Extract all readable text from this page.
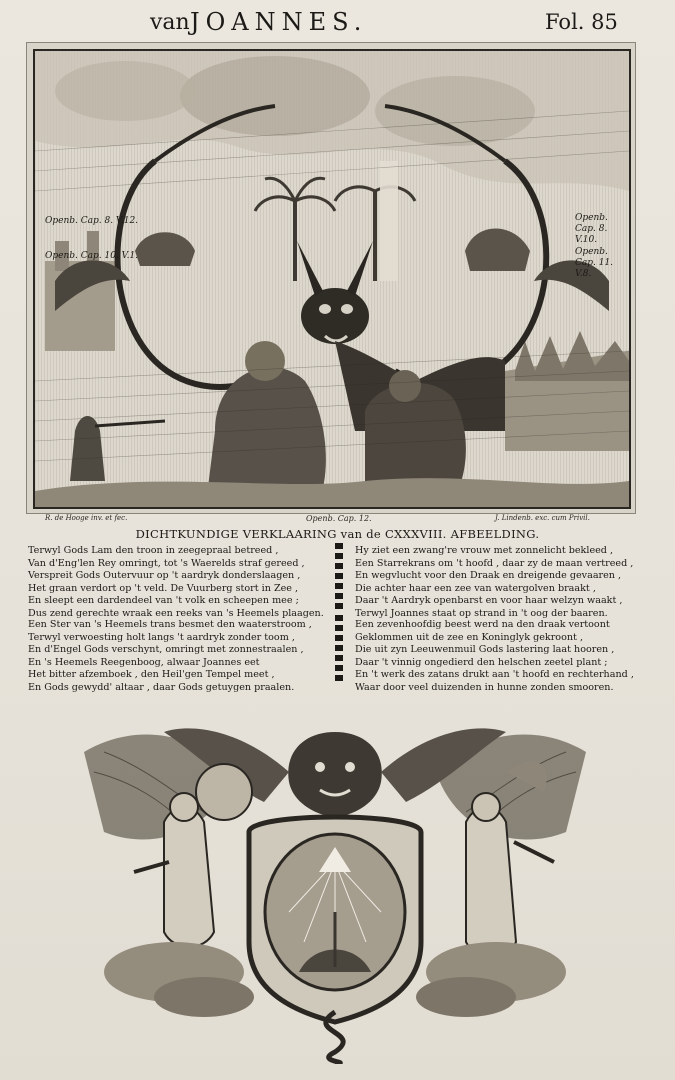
van JOANNES.	Fol. 85
Openb. Cap. 8. V.12.
Openb. Cap. 10. V.1.
Openb. Cap. 8. V.10.
Openb. Cap. 11. V.8.
R. de Hooge inv. et fec.	Openb. Cap. 12.	J. Lindenb. exc. cum Privil.
DICHTKUNDIGE VERKLAARING van de CXXXVIII. AFBEELDING.
Terwyl Gods Lam den troon in zeegepraal betreed ,
Van d'Eng'len Rey omringt, tot 's Waerelds straf gereed ,
Verspreit Gods Outervuur op 't aardryk donderslaagen ,
Het graan verdort op 't veld. De Vuurberg stort in Zee ,
En sleept een dardendeel van 't volk en scheepen mee ;
Dus zend gerechte wraak een reeks van 's Heemels plaagen.
Een Ster van 's Heemels trans besmet den waaterstroom ,
Terwyl verwoesting holt langs 't aardryk zonder toom ,
En d'Engel Gods verschynt, omringt met zonnestraalen ,
En 's Heemels Reegenboog, alwaar Joannes eet
Het bitter afzemboek , den Heil'gen Tempel meet ,
En Gods gewydd' altaar , daar Gods getuygen praalen.
Hy ziet een zwang're vrouw met zonnelicht bekleed ,
Een Starrekrans om 't hoofd , daar zy de maan vertreed ,
En wegvlucht voor den Draak en dreigende gevaaren ,
Die achter haar een zee van watergolven braakt ,
Daar 't Aardryk openbarst en voor haar welzyn waakt ,
Terwyl Joannes staat op strand in 't oog der baaren.
Een zevenhoofdig beest werd na den draak vertoont
Geklommen uit de zee en Koninglyk gekroont ,
Die uit zyn Leeuwenmuil Gods lastering laat hooren ,
Daar 't vinnig ongedierd den helschen zeetel plant ;
En 't werk des zatans drukt aan 't hoofd en rechterhand ,
Waar door veel duizenden in hunne zonden smooren.
